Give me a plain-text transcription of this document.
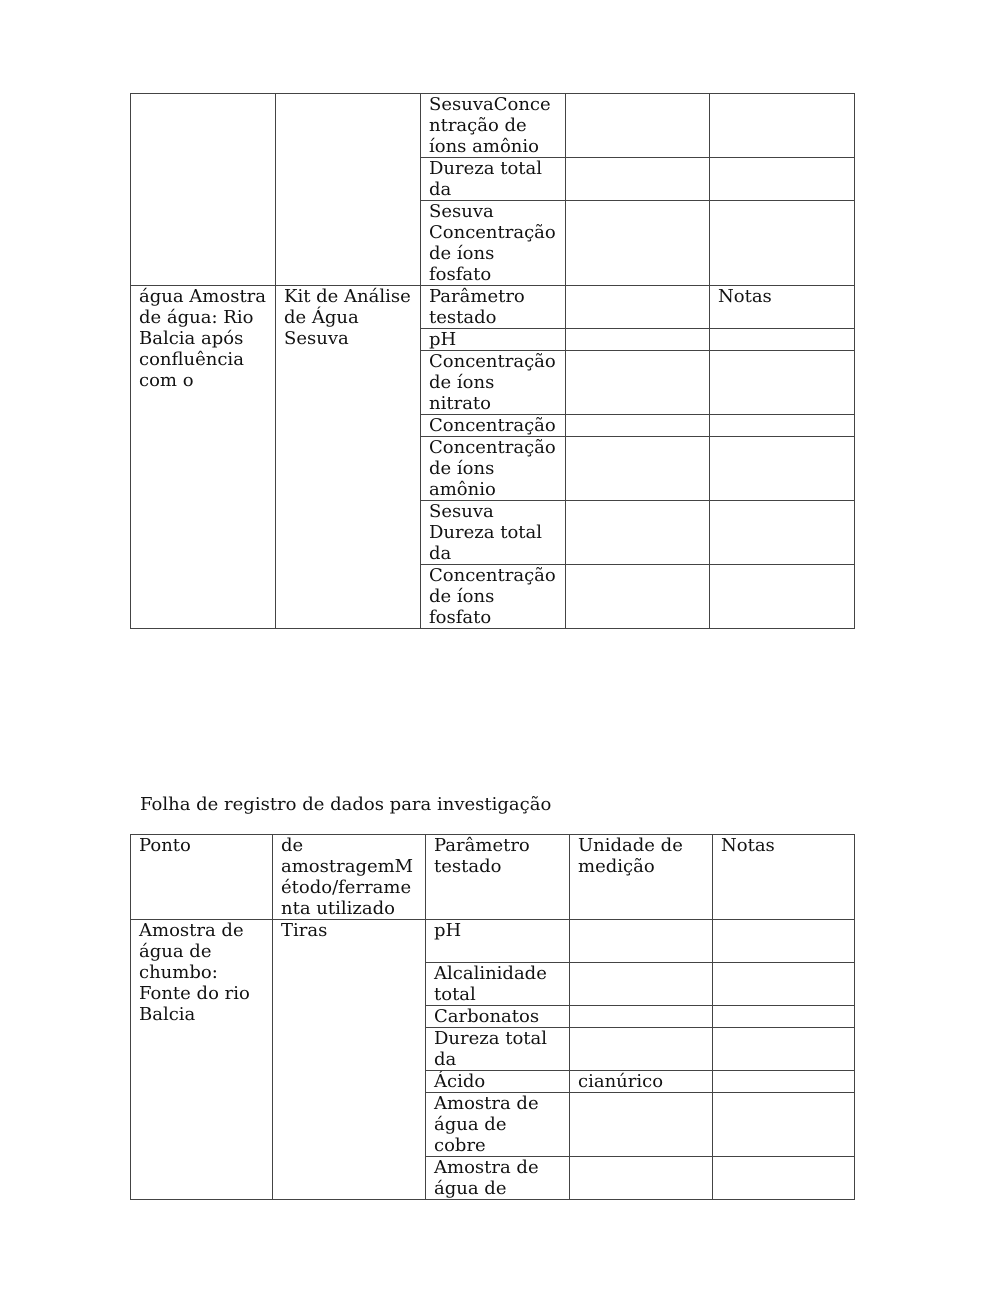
		SesuvaConce ntração de íons amônio		
		Dureza total da		
		Sesuva Concentração de íons fosfato		
água Amostra de água: Rio Balcia após confluência com o	Kit de Análise de Água Sesuva	Parâmetro testado		Notas
		pH		
		Concentração de íons nitrato		
		Concentração		
		Concentração de íons amônio		
		Sesuva Dureza total da		
		Concentração de íons fosfato		

Folha de registro de dados para investigação

Ponto	de amostragemM étodo/ferrame nta utilizado	Parâmetro testado	Unidade de medição	Notas
Amostra de água de chumbo: Fonte do rio Balcia	Tiras	pH		
		Alcalinidade total		
		Carbonatos		
		Dureza total da		
		Ácido	cianúrico	
		Amostra de água de cobre		
		Amostra de água de		
